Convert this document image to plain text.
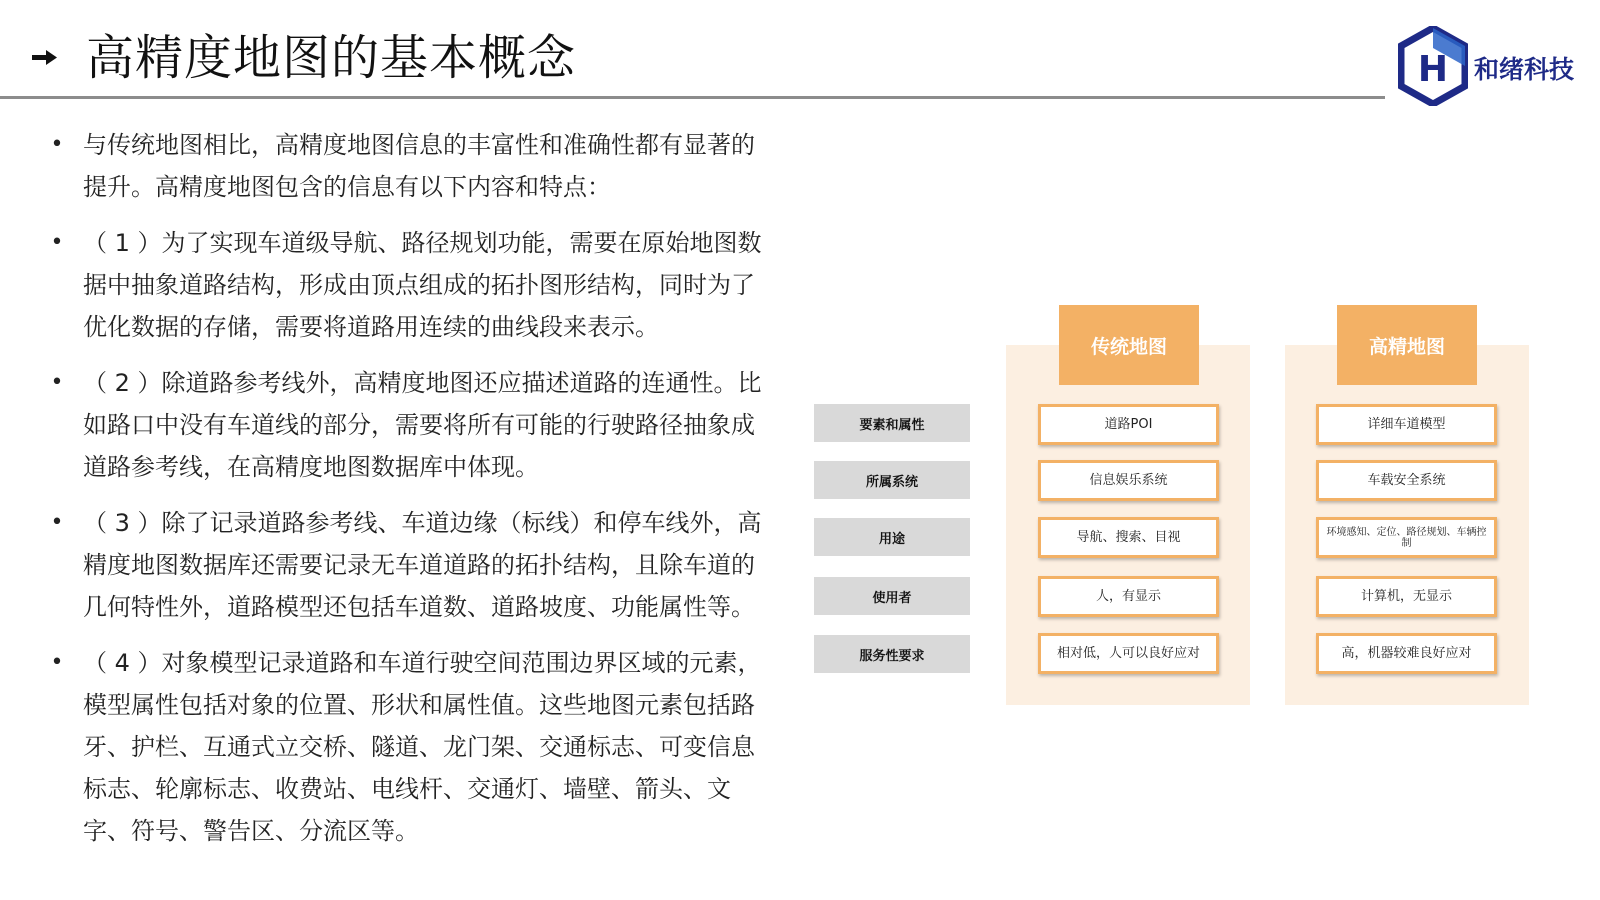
高精度地图的基本概念	H 和绪科技
• 与传统地图相比，高精度地图信息的丰富性和准确性都有显著的提升。高精度地图包含的信息有以下内容和特点：
• （ 1 ）为了实现车道级导航、路径规划功能，需要在原始地图数据中抽象道路结构，形成由顶点组成的拓扑图形结构，同时为了优化数据的存储，需要将道路用连续的曲线段来表示。
• （ 2 ）除道路参考线外，高精度地图还应描述道路的连通性。比如路口中没有车道线的部分，需要将所有可能的行驶路径抽象成道路参考线，在高精度地图数据库中体现。
• （ 3 ）除了记录道路参考线、车道边缘（标线）和停车线外，高精度地图数据库还需要记录无车道道路的拓扑结构，且除车道的几何特性外，道路模型还包括车道数、道路坡度、功能属性等。
• （ 4 ）对象模型记录道路和车道行驶空间范围边界区域的元素，模型属性包括对象的位置、形状和属性值。这些地图元素包括路牙、护栏、互通式立交桥、隧道、龙门架、交通标志、可变信息标志、轮廓标志、收费站、电线杆、交通灯、墙壁、箭头、文字、符号、警告区、分流区等。
传统地图	高精地图
要素和属性
所属系统
用途
使用者
服务性要求
道路POI
信息娱乐系统
导航、搜索、目视
人，有显示
相对低，人可以良好应对
详细车道模型
车载安全系统
环境感知、定位、路径规划、车辆控制
计算机，无显示
高，机器较难良好应对
